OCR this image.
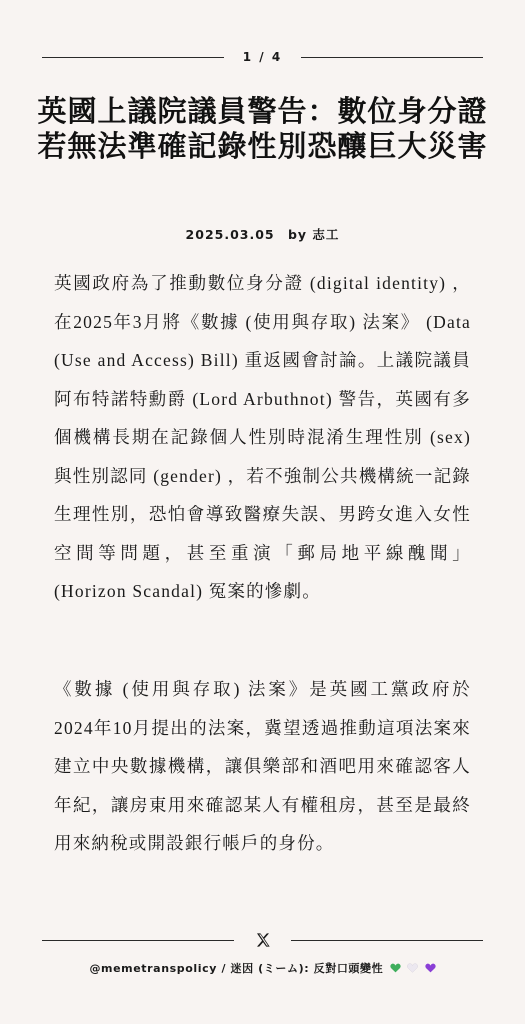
1 / 4
英國上議院議員警告：數位身分證若無法準確記錄性別恐釀巨大災害
2025.03.05 by 志工

英國政府為了推動數位身分證 (digital identity) ，在2025年3月將《數據 (使用與存取) 法案》 (Data (Use and Access) Bill) 重返國會討論。上議院議員阿布特諾特勳爵 (Lord Arbuthnot) 警告，英國有多個機構長期在記錄個人性別時混淆生理性別 (sex) 與性別認同 (gender) ，若不強制公共機構統一記錄生理性別，恐怕會導致醫療失誤、男跨女進入女性空間等問題，甚至重演「郵局地平線醜聞」 (Horizon Scandal) 冤案的慘劇。

《數據 (使用與存取) 法案》是英國工黨政府於2024年10月提出的法案，冀望透過推動這項法案來建立中央數據機構，讓俱樂部和酒吧用來確認客人年紀，讓房東用來確認某人有權租房，甚至是最終用來納稅或開設銀行帳戶的身份。

@memetranspolicy / 迷因 (ミーム): 反對口頭變性
